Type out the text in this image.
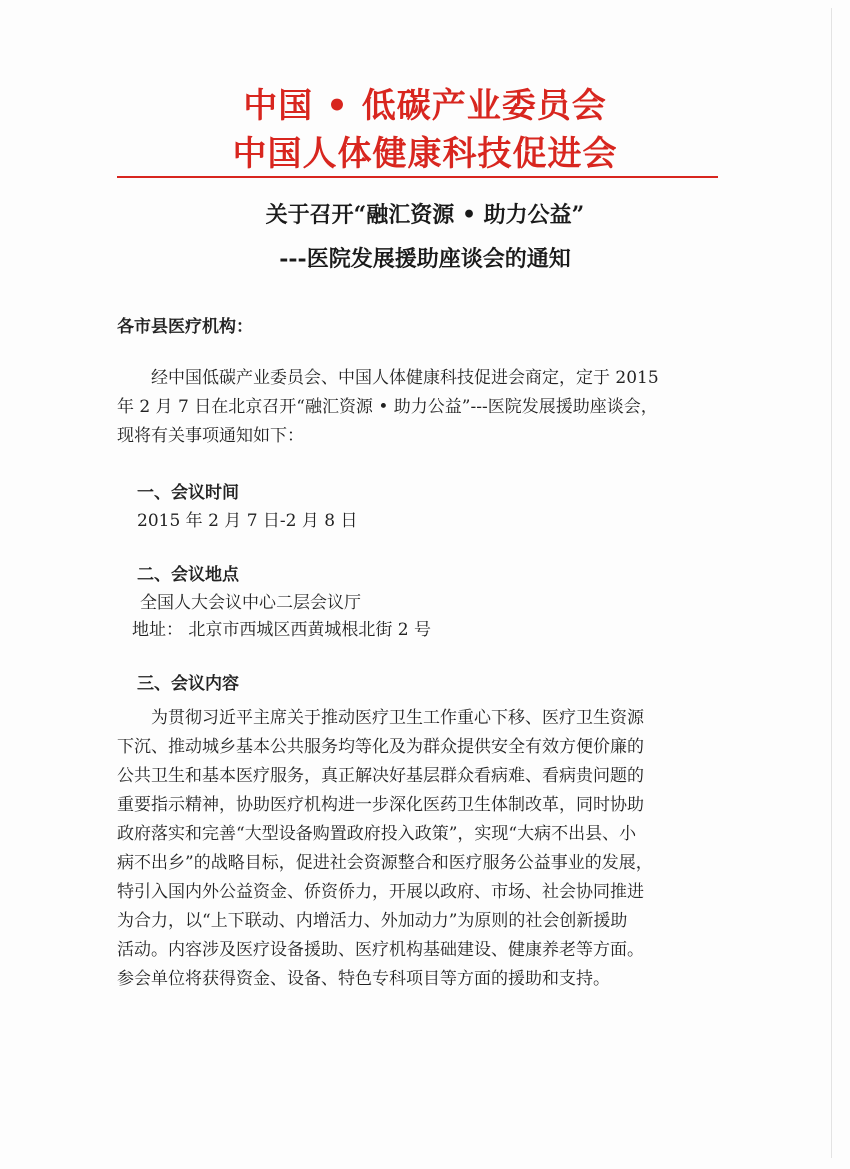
中国 • 低碳产业委员会
中国人体健康科技促进会
关于召开“融汇资源 • 助力公益”
---医院发展援助座谈会的通知
各市县医疗机构：

经中国低碳产业委员会、中国人体健康科技促进会商定，定于 2015

年 2 月 7 日在北京召开“融汇资源 • 助力公益”---医院发展援助座谈会，

现将有关事项通知如下：

一、会议时间
2015 年 2 月 7 日-2 月 8 日
二、会议地点
全国人大会议中心二层会议厅
地址： 北京市西城区西黄城根北街 2 号
三、会议内容

为贯彻习近平主席关于推动医疗卫生工作重心下移、医疗卫生资源

下沉、推动城乡基本公共服务均等化及为群众提供安全有效方便价廉的

公共卫生和基本医疗服务，真正解决好基层群众看病难、看病贵问题的

重要指示精神，协助医疗机构进一步深化医药卫生体制改革，同时协助

政府落实和完善“大型设备购置政府投入政策”，实现“大病不出县、小

病不出乡”的战略目标，促进社会资源整合和医疗服务公益事业的发展，

特引入国内外公益资金、侨资侨力，开展以政府、市场、社会协同推进

为合力，以“上下联动、内增活力、外加动力”为原则的社会创新援助

活动。内容涉及医疗设备援助、医疗机构基础建设、健康养老等方面。

参会单位将获得资金、设备、特色专科项目等方面的援助和支持。
